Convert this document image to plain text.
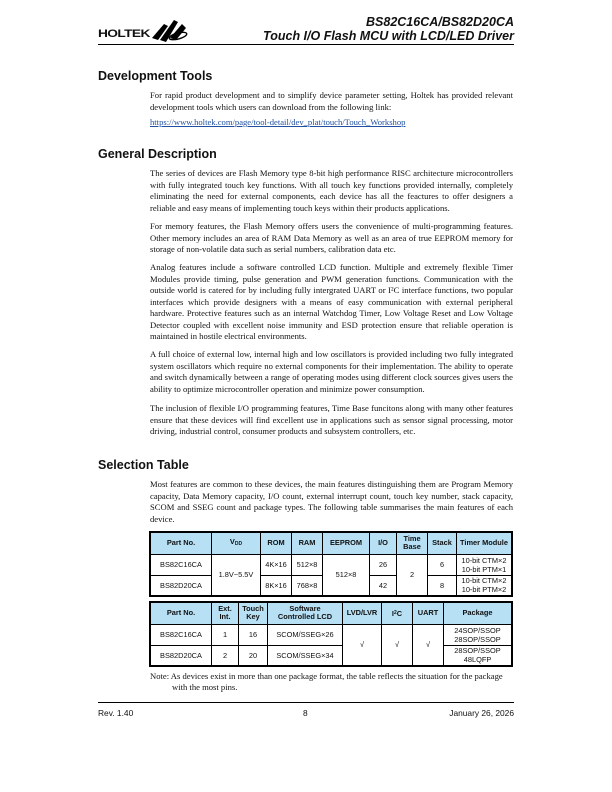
HOLTEK
BS82C16CA/BS82D20CA
Touch I/O Flash MCU with LCD/LED Driver
Development Tools

For rapid product development and to simplify device parameter setting, Holtek has provided relevant development tools which users can download from the following link:

https://www.holtek.com/page/tool-detail/dev_plat/touch/Touch_Workshop

General Description

The series of devices are Flash Memory type 8-bit high performance RISC architecture microcontrollers with fully integrated touch key functions. With all touch key functions provided internally, completely eliminating the need for external components, each device has all the feactures to offer designers a reliable and easy means of implementing touch keys within their products applications.

For memory features, the Flash Memory offers users the convenience of multi-programming features. Other memory includes an area of RAM Data Memory as well as an area of true EEPROM memory for storage of non-volatile data such as serial numbers, calibration data etc.

Analog features include a software controlled LCD function. Multiple and extremely flexible Timer Modules provide timing, pulse generation and PWM generation functions. Communication with the outside world is catered for by including fully intergrated UART or I²C interface functions, two popular interfaces which provide designers with a means of easy communication with external peripheral hardware. Protective features such as an internal Watchdog Timer, Low Voltage Reset and Low Voltage Detector coupled with excellent noise immunity and ESD protection ensure that reliable operation is maintained in hostile electrical environments.

A full choice of external low, internal high and low oscillators is provided including two fully integrated system oscillators which require no external components for their implementation. The ability to operate and switch dynamically between a range of operating modes using different clock sources gives users the ability to optimize microcontroller operation and minimize power consumption.

The inclusion of flexible I/O programming features, Time Base funcitons along with many other features ensure that these devices will find excellent use in applications such as sensor signal processing, motor driving, industrial control, consumer products and subsystem controllers, etc.

Selection Table

Most features are common to these devices, the main features distinguishing them are Program Memory capacity, Data Memory capacity, I/O count, external interrupt count, touch key number, stack capacity, SCOM and SSEG count and package types. The following table summarises the main features of each device.

Part No.	$V_{DD}$	ROM	RAM	EEPROM	I/O	Time Base	Stack	Timer Module
BS82C16CA	1.8V~5.5V	4K×16	512×8	512×8	26	2	6	10-bit CTM×2
10-bit PTM×1

BS82D20CA		8K×16	768×8		42		8	10-bit CTM×2
10-bit PTM×2
Part No.	Ext. Int.	Touch Key	Software Controlled LCD	LVD/LVR	$I^2C$	UART	Package
BS82C16CA	1	16	SCOM/SSEG×26	√	√	√	24SOP/SSOP
28SOP/SSOP

BS82D20CA	2	20	SCOM/SSEG×34				28SOP/SSOP
48LQFP
Note: As devices exist in more than one package format, the table reflects the situation for the package
with the most pins.
Rev. 1.40	8	January 26, 2026
